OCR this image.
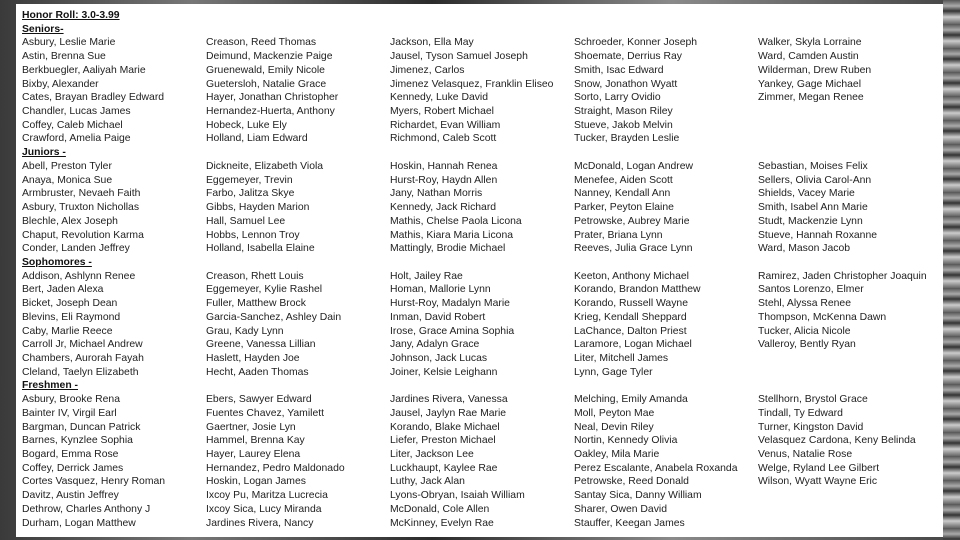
Honor Roll: 3.0-3.99
Seniors-
Asbury, Leslie Marie	Creason, Reed Thomas	Jackson, Ella May	Schroeder, Konner Joseph	Walker, Skyla Lorraine
Astin, Brenna Sue	Deimund, Mackenzie Paige	Jausel, Tyson Samuel Joseph	Shoemate, Derrius Ray	Ward, Camden Austin
Berkbuegler, Aaliyah Marie	Gruenewald, Emily Nicole	Jimenez, Carlos	Smith, Isac Edward	Wilderman, Drew Ruben
Bixby, Alexander	Guetersloh, Natalie Grace	Jimenez Velasquez, Franklin Eliseo	Snow, Jonathon Wyatt	Yankey, Gage Michael
Cates, Brayan Bradley Edward	Hayer, Jonathan Christopher	Kennedy, Luke David	Sorto, Larry Ovidio	Zimmer, Megan Renee
Chandler, Lucas James	Hernandez-Huerta, Anthony	Myers, Robert Michael	Straight, Mason Riley
Coffey, Caleb Michael	Hobeck, Luke Ely	Richardet, Evan William	Stueve, Jakob Melvin
Crawford, Amelia Paige	Holland, Liam Edward	Richmond, Caleb Scott	Tucker, Brayden Leslie
Juniors -
Abell, Preston Tyler	Dickneite, Elizabeth Viola	Hoskin, Hannah Renea	McDonald, Logan Andrew	Sebastian, Moises Felix
Anaya, Monica Sue	Eggemeyer, Trevin	Hurst-Roy, Haydn Allen	Menefee, Aiden Scott	Sellers, Olivia Carol-Ann
Armbruster, Nevaeh Faith	Farbo, Jalitza Skye	Jany, Nathan Morris	Nanney, Kendall Ann	Shields, Vacey Marie
Asbury, Truxton Nichollas	Gibbs, Hayden Marion	Kennedy, Jack Richard	Parker, Peyton Elaine	Smith, Isabel Ann Marie
Blechle, Alex Joseph	Hall, Samuel Lee	Mathis, Chelse Paola Licona	Petrowske, Aubrey Marie	Studt, Mackenzie Lynn
Chaput, Revolution Karma	Hobbs, Lennon Troy	Mathis, Kiara Maria Licona	Prater, Briana Lynn	Stueve, Hannah Roxanne
Conder, Landen Jeffrey	Holland, Isabella Elaine	Mattingly, Brodie Michael	Reeves, Julia Grace Lynn	Ward, Mason Jacob
Sophomores -
Addison, Ashlynn Renee	Creason, Rhett Louis	Holt, Jailey Rae	Keeton, Anthony Michael	Ramirez, Jaden Christopher Joaquin
Bert, Jaden Alexa	Eggemeyer, Kylie Rashel	Homan, Mallorie Lynn	Korando, Brandon Matthew	Santos Lorenzo, Elmer
Bicket, Joseph Dean	Fuller, Matthew Brock	Hurst-Roy, Madalyn Marie	Korando, Russell Wayne	Stehl, Alyssa Renee
Blevins, Eli Raymond	Garcia-Sanchez, Ashley Dain	Inman, David Robert	Krieg, Kendall Sheppard	Thompson, McKenna Dawn
Caby, Marlie Reece	Grau, Kady Lynn	Irose, Grace Amina Sophia	LaChance, Dalton Priest	Tucker, Alicia Nicole
Carroll Jr, Michael Andrew	Greene, Vanessa Lillian	Jany, Adalyn Grace	Laramore, Logan Michael	Valleroy, Bently Ryan
Chambers, Aurorah Fayah	Haslett, Hayden Joe	Johnson, Jack Lucas	Liter, Mitchell James
Cleland, Taelyn Elizabeth	Hecht, Aaden Thomas	Joiner, Kelsie Leighann	Lynn, Gage Tyler
Freshmen -
Asbury, Brooke Rena	Ebers, Sawyer Edward	Jardines Rivera, Vanessa	Melching, Emily Amanda	Stellhorn, Brystol Grace
Bainter IV, Virgil Earl	Fuentes Chavez, Yamilett	Jausel, Jaylyn Rae Marie	Moll, Peyton Mae	Tindall, Ty Edward
Bargman, Duncan Patrick	Gaertner, Josie Lyn	Korando, Blake Michael	Neal, Devin Riley	Turner, Kingston David
Barnes, Kynzlee Sophia	Hammel, Brenna Kay	Liefer, Preston Michael	Nortin, Kennedy Olivia	Velasquez Cardona, Keny Belinda
Bogard, Emma Rose	Hayer, Laurey Elena	Liter, Jackson Lee	Oakley, Mila Marie	Venus, Natalie Rose
Coffey, Derrick James	Hernandez, Pedro Maldonado	Luckhaupt, Kaylee Rae	Perez Escalante, Anabela Roxanda	Welge, Ryland Lee Gilbert
Cortes Vasquez, Henry Roman	Hoskin, Logan James	Luthy, Jack Alan	Petrowske, Reed Donald	Wilson, Wyatt Wayne Eric
Davitz, Austin Jeffrey	Ixcoy Pu, Maritza Lucrecia	Lyons-Obryan, Isaiah William	Santay Sica, Danny William
Dethrow, Charles Anthony J	Ixcoy Sica, Lucy Miranda	McDonald, Cole Allen	Sharer, Owen David
Durham, Logan Matthew	Jardines Rivera, Nancy	McKinney, Evelyn Rae	Stauffer, Keegan James
